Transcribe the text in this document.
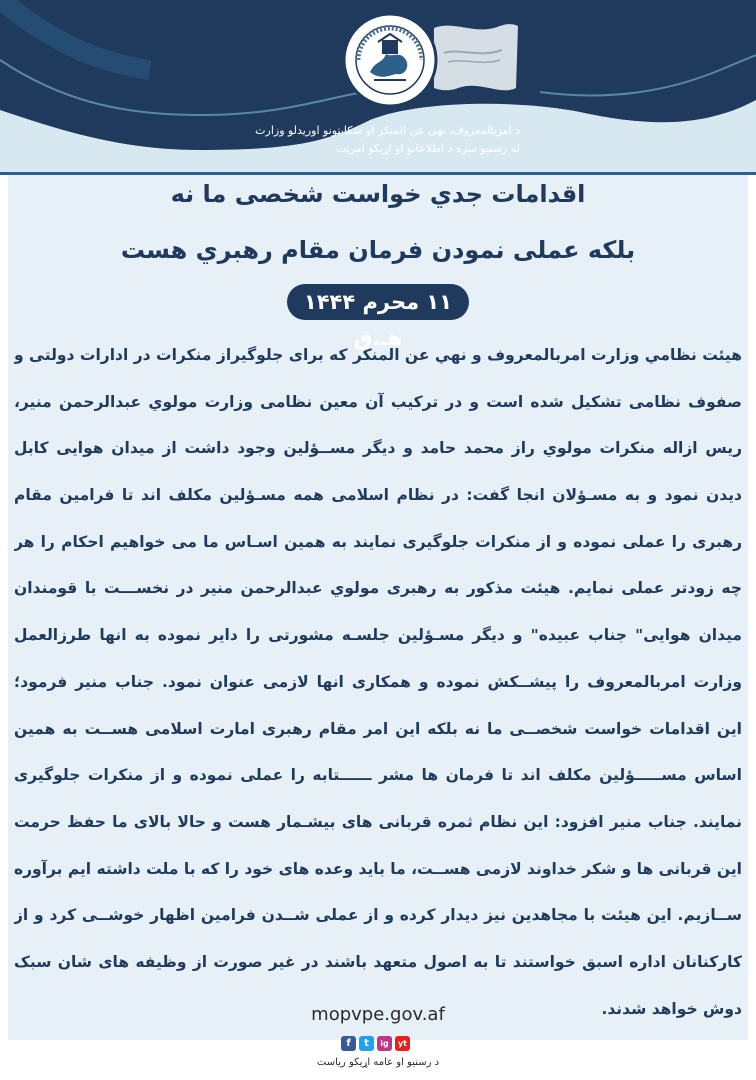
د امربالمعروف، نهی عن المنکر او شکایتونو اوریدلو وزارت
له رسنیو سره د اطلاعاتو او اړیکو امریت
اقدامات جدي خواست شخصی ما نه
بلکه عملی نمودن فرمان مقام رهبري هست
١١ محرم ١۴۴۴ هـ.ق
هیئت نظامي وزارت امربالمعروف و نهي عن المنکر که برای جلوگیراز منکرات در ادارات دولتی و
صفوف نظامی تشکیل شده است و در ترکیب آن معین نظامی وزارت مولوي عبدالرحمن منیر،
ریس ازاله منکرات مولوي راز محمد حامد و دیگر مســؤلین وجود داشت از میدان هوایی کابل
دیدن نمود و به مسـؤلان انجا گفت: در نظام اسلامی همه مسـؤلین مکلف اند تا فرامین مقام
رهبری را عملی نموده و از منکرات جلوگیری نمایند به همین اسـاس ما می خواهیم احکام را هر
چه زودتر عملی نمایم. هیئت مذکور به رهبری مولوي عبدالرحمن منیر در نخســـت با قومندان
میدان هوایی" جناب عبیده" و دیگر مسـؤلین جلسـه مشورتی را دایر نموده به انها طرزالعمل
وزارت امربالمعروف را پیشــکش نموده و همکاری انها لازمی عنوان نمود. جناب منیر فرمود؛
این اقدامات خواست شخصــی ما نه بلکه این امر مقام رهبری امارت اسلامی هســت به همین
اساس مســـــؤلین مکلف اند تا فرمان ها مشر ــــــتابه را عملی نموده و از منکرات جلوگیری
نمایند. جناب منیر افزود: این نظام ثمره قربانی های بیشـمار هست و حالا بالای ما حفظ حرمت
این قربانی ها و شکر خداوند لازمی هســت، ما باید وعده های خود را که با ملت داشته ایم برآوره
ســازیم. این هیئت با مجاهدین نیز دیدار کرده و از عملی شــدن فرامین اظهار خوشــی کرد و از
کارکنانان اداره اسبق خواستند تا به اصول متعهد باشند در غیر صورت از وظیفه های شان سبک
دوش خواهد شدند.
mopvpe.gov.af
f	t	ig	yt
د رسنیو او عامه اړیکو ریاست
